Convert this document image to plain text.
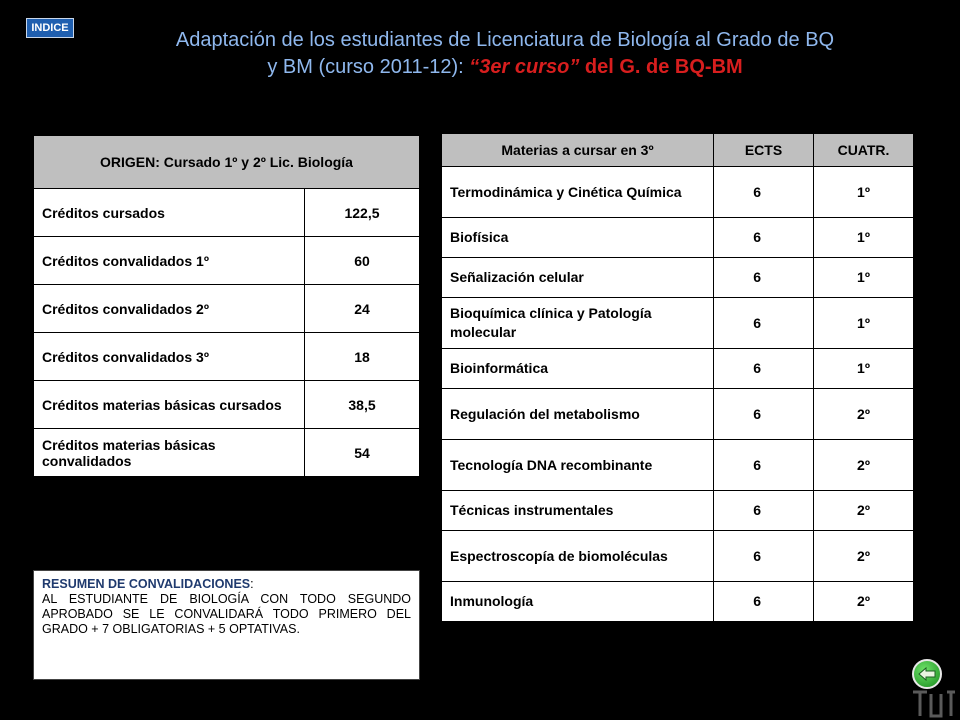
INDICE
Adaptación de los estudiantes de Licenciatura de Biología al Grado de BQ
y BM (curso 2011-12): “3er curso” del G. de BQ-BM
ORIGEN: Cursado 1º y 2º Lic. Biología	
Créditos cursados	122,5
Créditos convalidados 1º	60
Créditos convalidados 2º	24
Créditos convalidados 3º	18
Créditos materias básicas cursados	38,5
Créditos materias básicas convalidados	54
Materias a cursar en 3º	ECTS	CUATR.
Termodinámica y Cinética Química	6	1º
Biofísica	6	1º
Señalización celular	6	1º
Bioquímica clínica y Patología molecular	6	1º
Bioinformática	6	1º
Regulación del metabolismo	6	2º
Tecnología DNA recombinante	6	2º
Técnicas instrumentales	6	2º
Espectroscopía de biomoléculas	6	2º
Inmunología	6	2º
RESUMEN DE CONVALIDACIONES:
AL ESTUDIANTE DE BIOLOGÍA CON TODO SEGUNDO APROBADO SE LE CONVALIDARÁ TODO PRIMERO DEL GRADO + 7 OBLIGATORIAS + 5 OPTATIVAS.
